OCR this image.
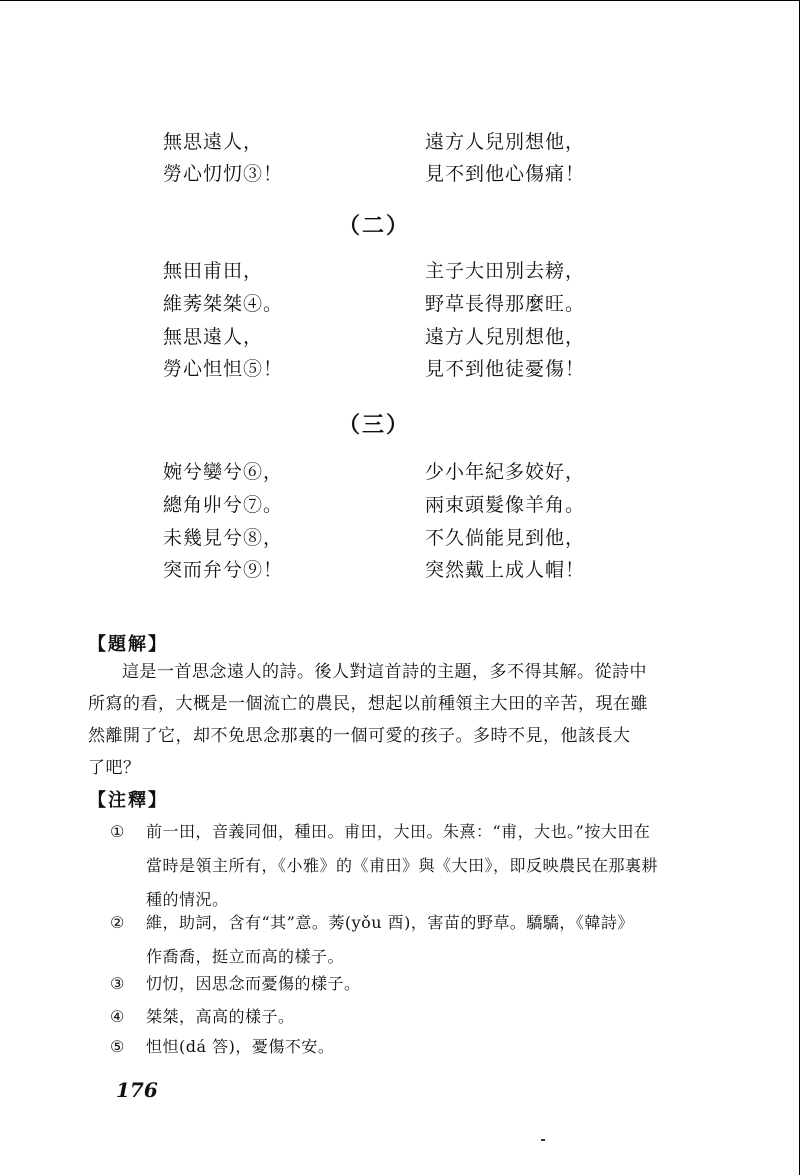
無思遠人，	遠方人兒別想他，
勞心忉忉③！	見不到他心傷痛！
（二）
無田甫田，	主子大田別去耪，
維莠桀桀④。	野草長得那麼旺。
無思遠人，	遠方人兒別想他，
勞心怛怛⑤！	見不到他徒憂傷！
（三）
婉兮孌兮⑥，	少小年紀多姣好，
總角丱兮⑦。	兩束頭髮像羊角。
未幾見兮⑧，	不久倘能見到他，
突而弁兮⑨！	突然戴上成人帽！
【題解】
這是一首思念遠人的詩。後人對這首詩的主題，多不得其解。從詩中
所寫的看，大概是一個流亡的農民，想起以前種領主大田的辛苦，現在雖
然離開了它，却不免思念那裏的一個可愛的孩子。多時不見，他該長大
了吧？
【注釋】
① 前一田，音義同佃，種田。甫田，大田。朱熹：“甫，大也。”按大田在
當時是領主所有，《小雅》的《甫田》與《大田》，即反映農民在那裏耕
種的情況。
② 維，助詞，含有“其”意。莠(yǒu 酉)，害苗的野草。驕驕，《韓詩》
作喬喬，挺立而高的樣子。
③ 忉忉，因思念而憂傷的樣子。
④ 桀桀，高高的樣子。
⑤ 怛怛(dá 答)，憂傷不安。
176
